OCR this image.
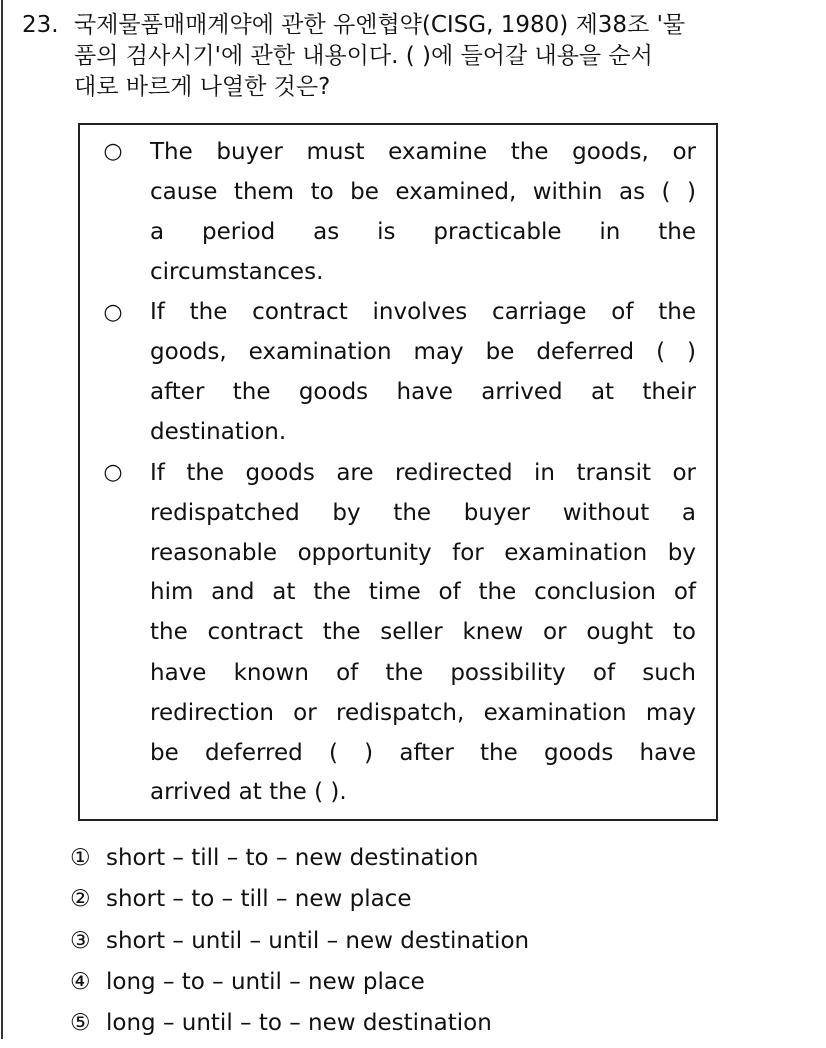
23. 국제물품매매계약에 관한 유엔협약(CISG, 1980) 제38조 '물
품의 검사시기'에 관한 내용이다. ( )에 들어갈 내용을 순서
대로 바르게 나열한 것은?
○ The buyer must examine the goods, or
cause them to be examined, within as ( )
a period as is practicable in the
circumstances.
○ If the contract involves carriage of the
goods, examination may be deferred ( )
after the goods have arrived at their
destination.
○ If the goods are redirected in transit or
redispatched by the buyer without a
reasonable opportunity for examination by
him and at the time of the conclusion of
the contract the seller knew or ought to
have known of the possibility of such
redirection or redispatch, examination may
be deferred ( ) after the goods have
arrived at the ( ).
① short – till – to – new destination
② short – to – till – new place
③ short – until – until – new destination
④ long – to – until – new place
⑤ long – until – to – new destination
